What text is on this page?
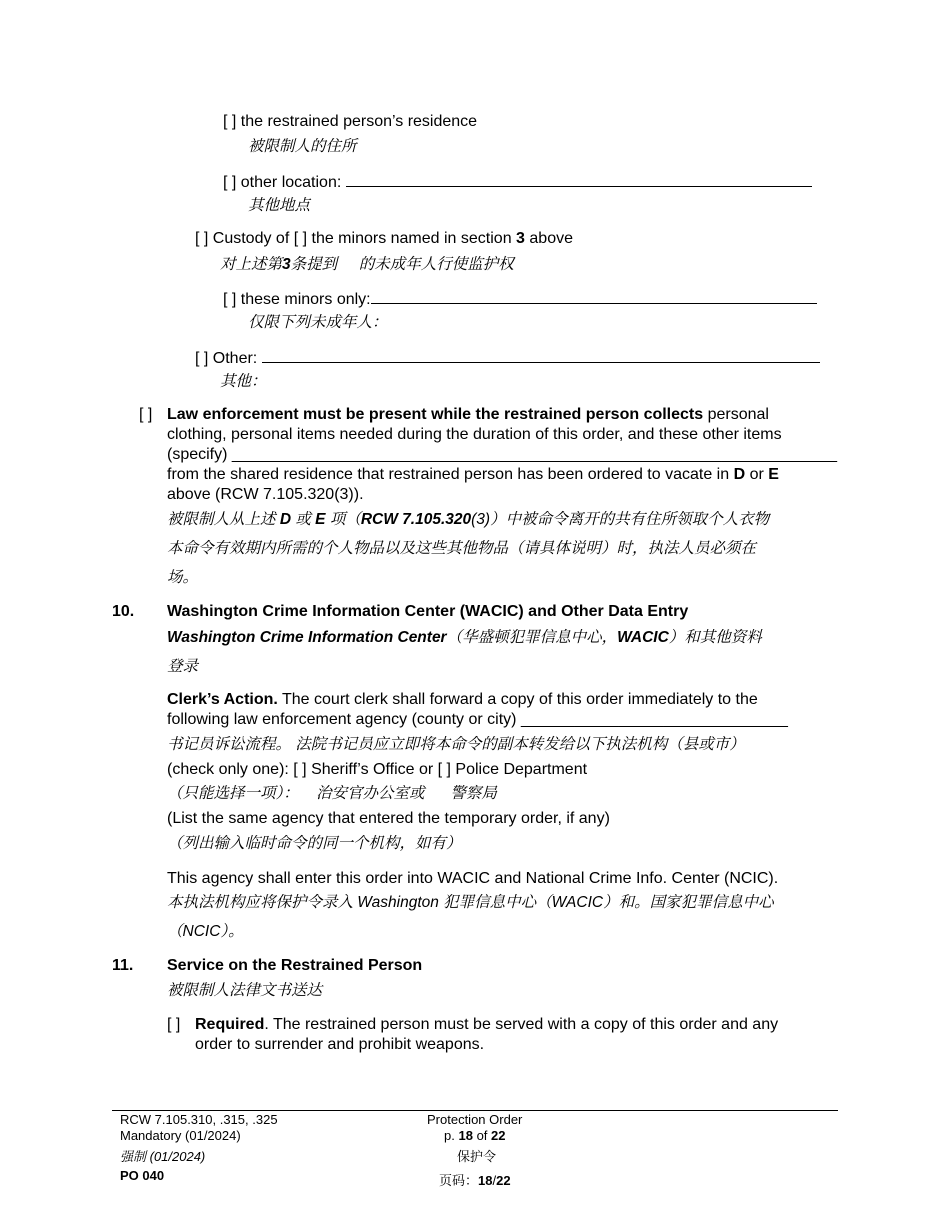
[ ] the restrained person’s residence
被限制人的住所
[ ] other location:
其他地点
[ ] Custody of [ ] the minors named in section 3 above
对上述第3条提到 的未成年人行使监护权
[ ] these minors only:
仅限下列未成年人：
[ ] Other:
其他：
[ ] Law enforcement must be present while the restrained person collects personal
clothing, personal items needed during the duration of this order, and these other items
(specify) ____________________________________________________________________
from the shared residence that restrained person has been ordered to vacate in D or E
above (RCW 7.105.320(3)).
被限制人从上述 D 或 E 项（RCW 7.105.320(3)）中被命令离开的共有住所领取个人衣物
本命令有效期内所需的个人物品以及这些其他物品（请具体说明）时，执法人员必须在
场。
10. Washington Crime Information Center (WACIC) and Other Data Entry
Washington Crime Information Center（华盛顿犯罪信息中心，WACIC）和其他资料
登录
Clerk’s Action. The court clerk shall forward a copy of this order immediately to the
following law enforcement agency (county or city) ______________________________
书记员诉讼流程。 法院书记员应立即将本命令的副本转发给以下执法机构（县或市）
(check only one): [ ] Sheriff’s Office or [ ] Police Department
（只能选择一项）： 治安官办公室或 警察局
(List the same agency that entered the temporary order, if any)
（列出输入临时命令的同一个机构，如有）
This agency shall enter this order into WACIC and National Crime Info. Center (NCIC).
本执法机构应将保护令录入 Washington 犯罪信息中心（WACIC）和。国家犯罪信息中心
（NCIC）。
11. Service on the Restrained Person
被限制人法律文书送达
[ ] Required. The restrained person must be served with a copy of this order and any
order to surrender and prohibit weapons.
RCW 7.105.310, .315, .325
Mandatory (01/2024)
强制 (01/2024)
PO 040
Protection Order
p. 18 of 22
保护令
页码：18/22
